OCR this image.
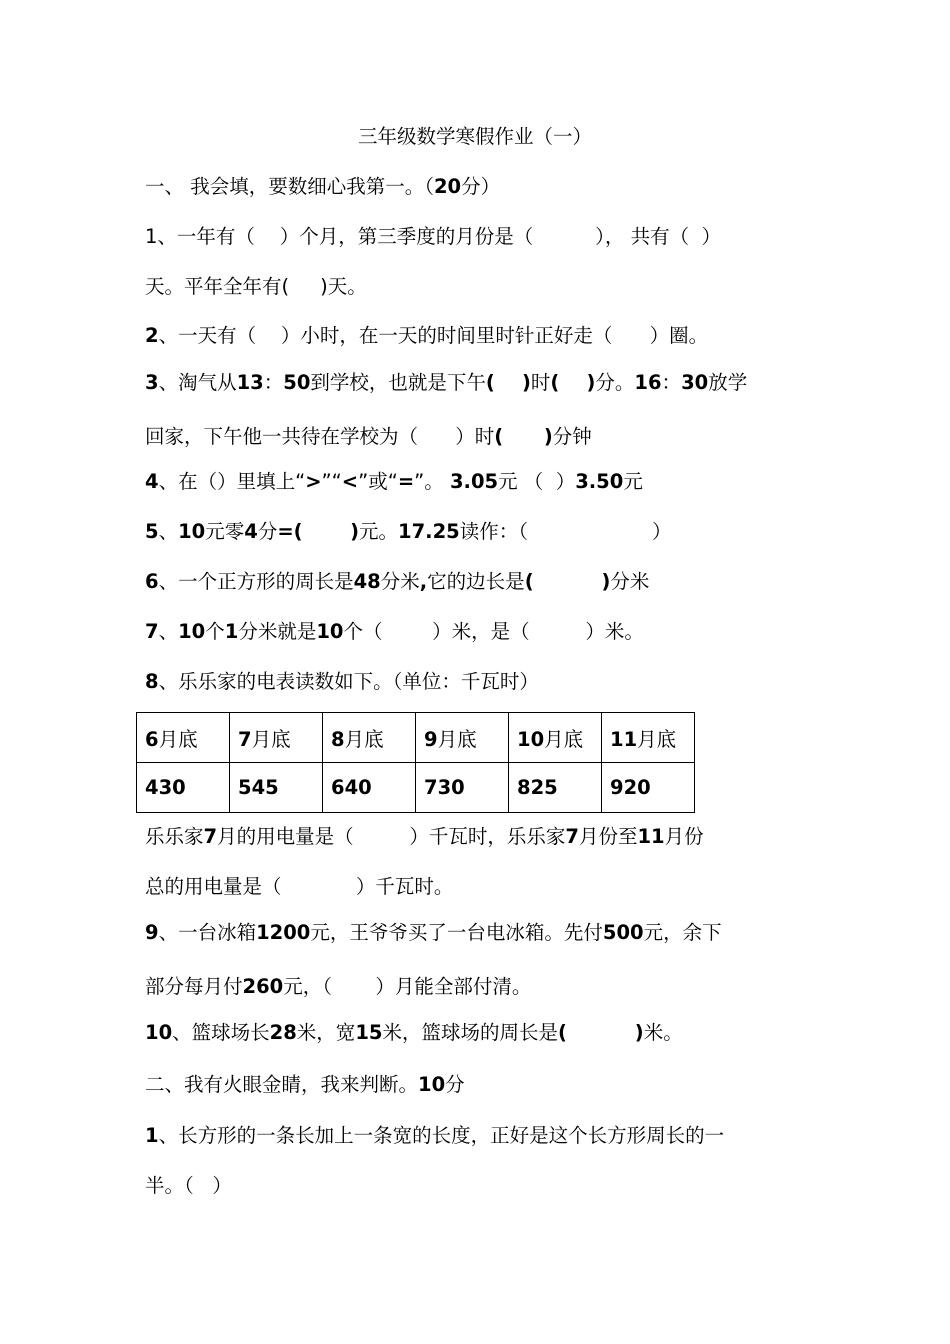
三年级数学寒假作业（一）
一、 我会填，要数细心我第一。（20分）
1、一年有（    ）个月，第三季度的月份是（          ）， 共有（  ）
天。平年全年有(     )天。
2、一天有（    ）小时，在一天的时间里时针正好走（      ）圈。
3、淘气从13：50到学校，也就是下午(    )时(    )分。16：30放学
回家，下午他一共待在学校为（      ）时(      )分钟
4、在（）里填上“>”“<”或“=”。 3.05元 （  ）3.50元
5、10元零4分=(       )元。17.25读作：（                    ）
6、一个正方形的周长是48分米,它的边长是(          )分米
7、10个1分米就是10个（        ）米，是（         ）米。
8、乐乐家的电表读数如下。（单位：千瓦时）
6月底	7月底	8月底	9月底	10月底	11月底
430	545	640	730	825	920
乐乐家7月的用电量是（         ）千瓦时，乐乐家7月份至11月份
总的用电量是（            ）千瓦时。
9、一台冰箱1200元，王爷爷买了一台电冰箱。先付500元，余下
部分每月付260元，（       ）月能全部付清。
10、篮球场长28米，宽15米，篮球场的周长是(          )米。
二、我有火眼金睛，我来判断。10分
1、长方形的一条长加上一条宽的长度，正好是这个长方形周长的一
半。（   ）
